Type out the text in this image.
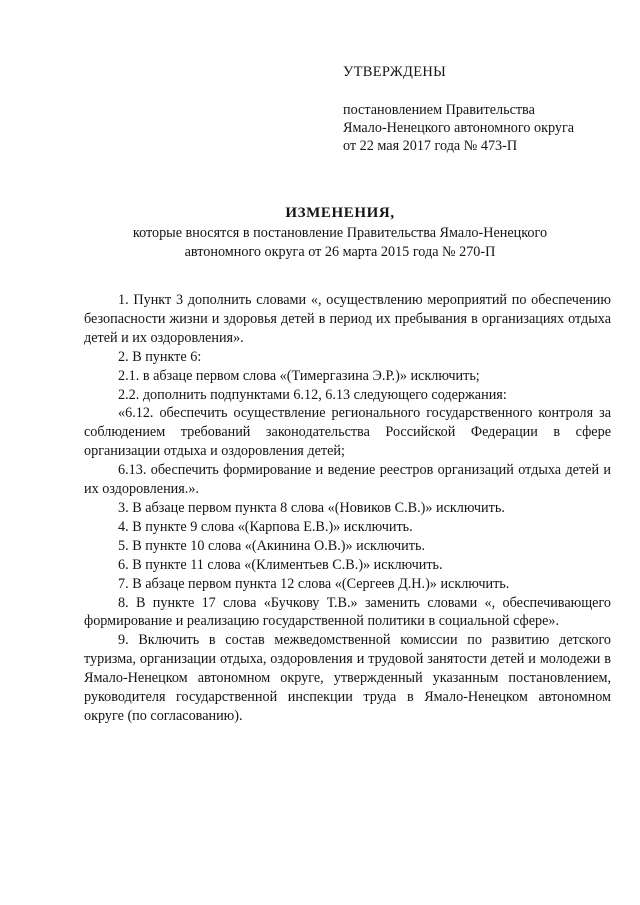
УТВЕРЖДЕНЫ
постановлением Правительства
Ямало-Ненецкого автономного округа
от 22 мая 2017 года № 473-П
ИЗМЕНЕНИЯ,
которые вносятся в постановление Правительства Ямало-Ненецкого
автономного округа от 26 марта 2015 года № 270-П

1. Пункт 3 дополнить словами «, осуществлению мероприятий по обеспечению безопасности жизни и здоровья детей в период их пребывания в организациях отдыха детей и их оздоровления».

2. В пункте 6:

2.1. в абзаце первом слова «(Тимергазина Э.Р.)» исключить;

2.2. дополнить подпунктами 6.12, 6.13 следующего содержания:

«6.12. обеспечить осуществление регионального государственного контроля за соблюдением требований законодательства Российской Федерации в сфере организации отдыха и оздоровления детей;

6.13. обеспечить формирование и ведение реестров организаций отдыха детей и их оздоровления.».

3. В абзаце первом пункта 8 слова «(Новиков С.В.)» исключить.

4. В пункте 9 слова «(Карпова Е.В.)» исключить.

5. В пункте 10 слова «(Акинина О.В.)» исключить.

6. В пункте 11 слова «(Климентьев С.В.)» исключить.

7. В абзаце первом пункта 12 слова «(Сергеев Д.Н.)» исключить.

8. В пункте 17 слова «Бучкову Т.В.» заменить словами «, обеспечивающего формирование и реализацию государственной политики в социальной сфере».

9. Включить в состав межведомственной комиссии по развитию детского туризма, организации отдыха, оздоровления и трудовой занятости детей и молодежи в Ямало-Ненецком автономном округе, утвержденный указанным постановлением, руководителя государственной инспекции труда в Ямало-Ненецком автономном округе (по согласованию).
